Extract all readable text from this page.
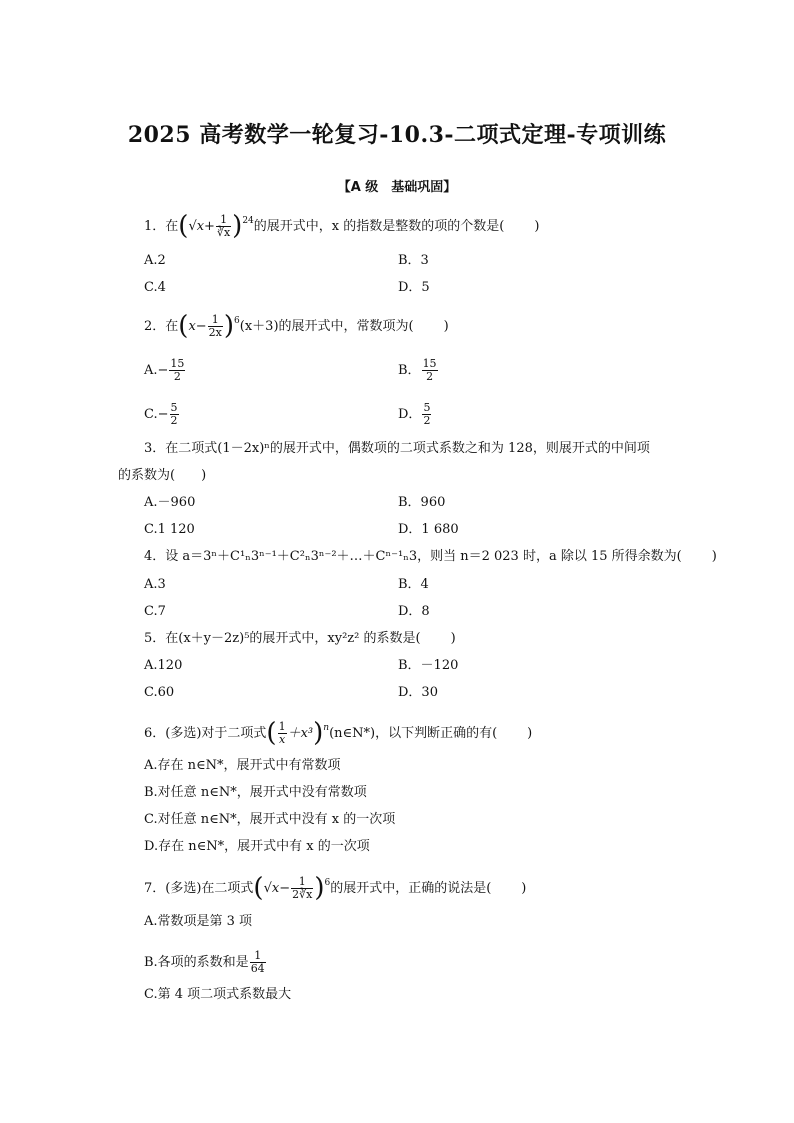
2025 高考数学一轮复习-10.3-二项式定理-专项训练
【A 级　基础巩固】
1．在$(√x+ \frac{1}{∛x} )^{24}$的展开式中，x 的指数是整数的项的个数是( )
A.2	B．3
C.4	D．5
2．在$(x- \frac{1}{2x} )^6(x+3)$的展开式中，常数项为( )
$A.- \frac{15}{2}$	B． $\frac{15}{2}$
$C.- \frac{5}{2}$	D． $\frac{5}{2}$
3．在二项式(1－2x)ⁿ的展开式中，偶数项的二项式系数之和为 128，则展开式的中间项
的系数为(　　)
A.－960	B．960
C.1 120	D．1 680
4．设 a＝3ⁿ＋C¹ₙ3ⁿ⁻¹＋C²ₙ3ⁿ⁻²＋…＋Cⁿ⁻¹ₙ3，则当 n＝2 023 时，a 除以 15 所得余数为( )
A.3	B．4
C.7	D．8
5．在(x＋y－2z)⁵的展开式中，xy²z² 的系数是( )
A.120	B．－120
C.60	D．30
6．(多选)对于二项式( $\frac{1}{x}$ ＋x³)$^n$(n∈N*)，以下判断正确的有( )
A.存在 n∈N*，展开式中有常数项
B.对任意 n∈N*，展开式中没有常数项
C.对任意 n∈N*，展开式中没有 x 的一次项
D.存在 n∈N*，展开式中有 x 的一次项
7．(多选)在二项式$(√x- \frac{1}{2∛x} )^6$的展开式中，正确的说法是( )
A.常数项是第 3 项
B.各项的系数和是 $\frac{1}{64}$
C.第 4 项二项式系数最大
